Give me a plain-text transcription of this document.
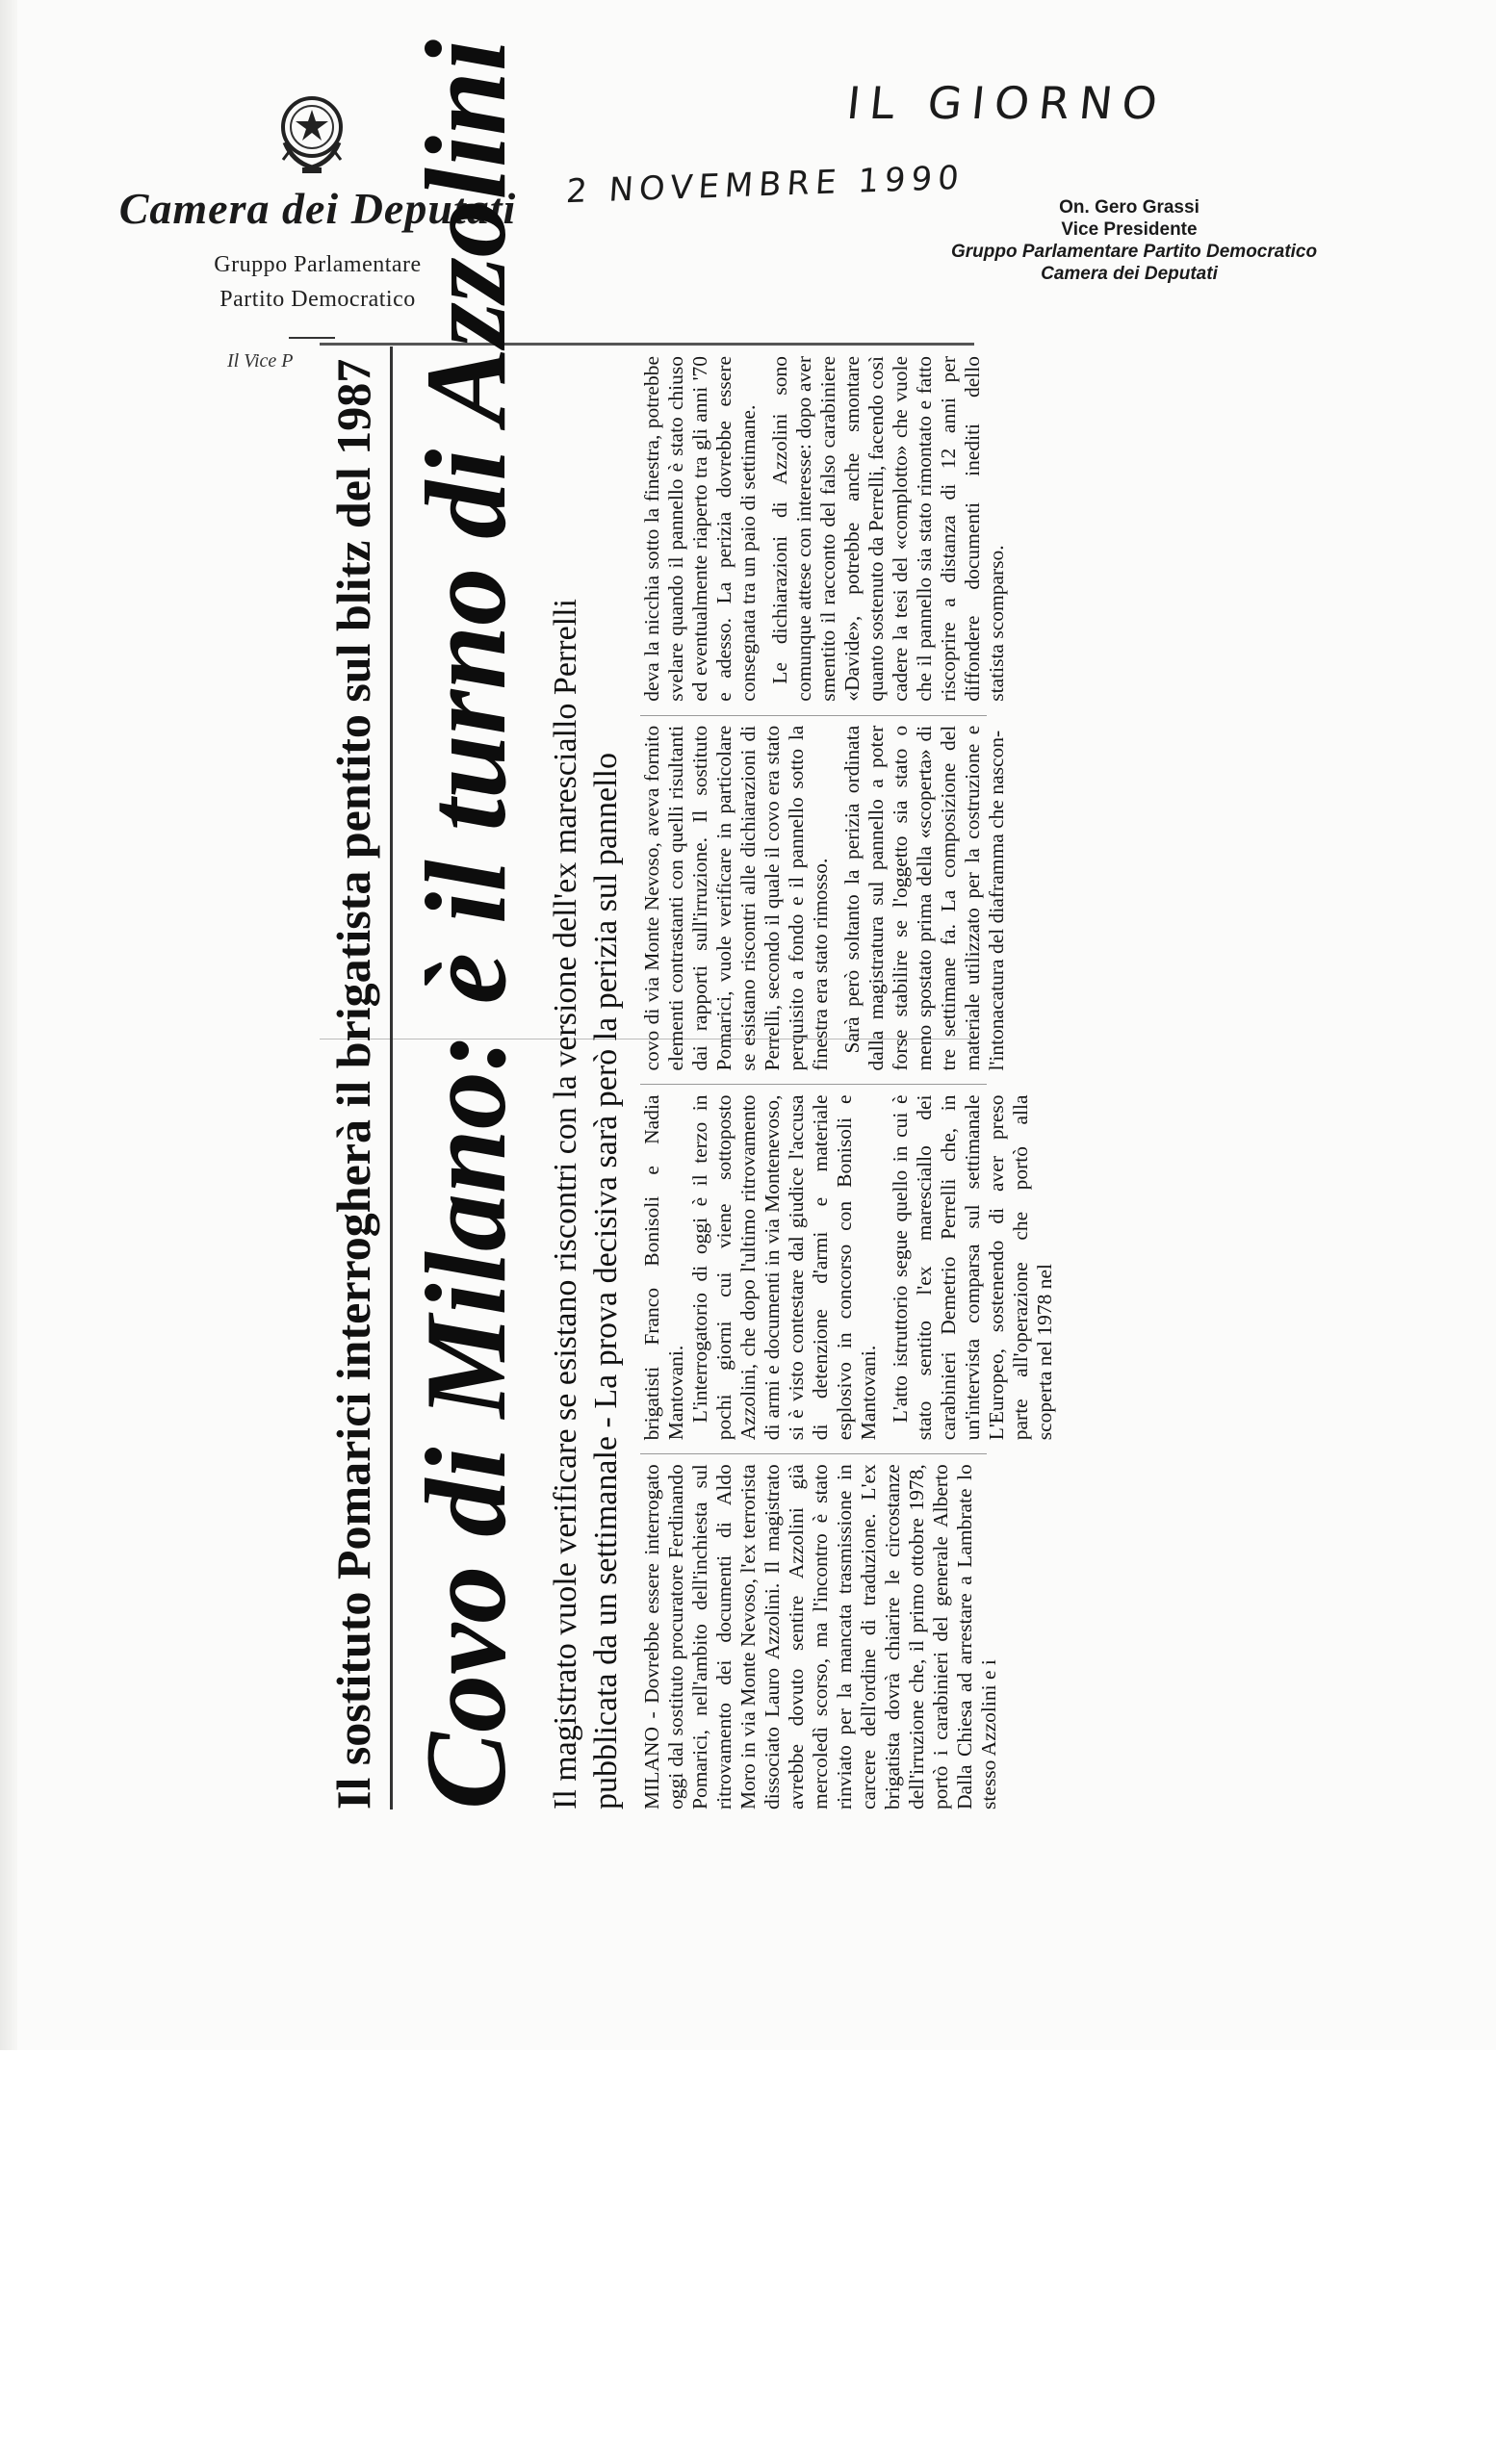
Camera dei Deputati
Gruppo Parlamentare
Partito Democratico
Il Vice P
IL GIORNO
2 NOVEMBRE 1990	On. Gero Grassi
Vice Presidente
Gruppo Parlamentare Partito Democratico
Camera dei Deputati
Il sostituto Pomarici interrogherà il brigatista pentito sul blitz del 1987 Covo di Milano: è il turno di Azzolini Il magistrato vuole verificare se esistano riscontri con la versione dell'ex maresciallo Perrelli pubblicata da un settimanale - La prova decisiva sarà però la perizia sul pannello MILANO - Dovrebbe essere interrogato oggi dal sostituto procuratore Ferdinando Pomarici, nell'ambito dell'inchiesta sul ritrovamento dei documenti di Aldo Moro in via Monte Nevoso, l'ex terrorista dissociato Lauro Azzolini. Il magistrato avrebbe dovuto sentire Azzolini già mercoledì scorso, ma l'incontro è stato rinviato per la mancata trasmissione in carcere dell'ordine di traduzione. L'ex brigatista dovrà chiarire le circostanze dell'irruzione che, il primo ottobre 1978, portò i carabinieri del generale Alberto Dalla Chiesa ad arrestare a Lambrate lo stesso Azzolini e i

brigatisti Franco Bonisoli e Nadia Mantovani. L'interrogatorio di oggi è il terzo in pochi giorni cui viene sottoposto Azzolini, che dopo l'ultimo ritrovamento di armi e documenti in via Montenevoso, si è visto contestare dal giudice l'accusa di detenzione d'armi e materiale esplosivo in concorso con Bonisoli e Mantovani. L'atto istruttorio segue quello in cui è stato sentito l'ex maresciallo dei carabinieri Demetrio Perrelli che, in un'intervista comparsa sul settimanale L'Europeo, sostenendo di aver preso parte all'operazione che portò alla scoperta nel 1978 nel

covo di via Monte Nevoso, aveva fornito elementi contrastanti con quelli risultanti dai rapporti sull'irruzione. Il sostituto Pomarici, vuole verificare in particolare se esistano riscontri alle dichiarazioni di Perrelli, secondo il quale il covo era stato perquisito a fondo e il pannello sotto la finestra era stato rimosso. Sarà però soltanto la perizia ordinata dalla magistratura sul pannello a poter forse stabilire se l'oggetto sia stato o meno spostato prima della «scoperta» di tre settimane fa. La composizione del materiale utilizzato per la costruzione e l'intonacatura del diaframma che nascon-

deva la nicchia sotto la finestra, potrebbe svelare quando il pannello è stato chiuso ed eventualmente riaperto tra gli anni '70 e adesso. La perizia dovrebbe essere consegnata tra un paio di settimane. Le dichiarazioni di Azzolini sono comunque attese con interesse: dopo aver smentito il racconto del falso carabiniere «Davide», potrebbe anche smontare quanto sostenuto da Perrelli, facendo così cadere la tesi del «complotto» che vuole che il pannello sia stato rimontato e fatto riscoprire a distanza di 12 anni per diffondere documenti inediti dello statista scomparso.
